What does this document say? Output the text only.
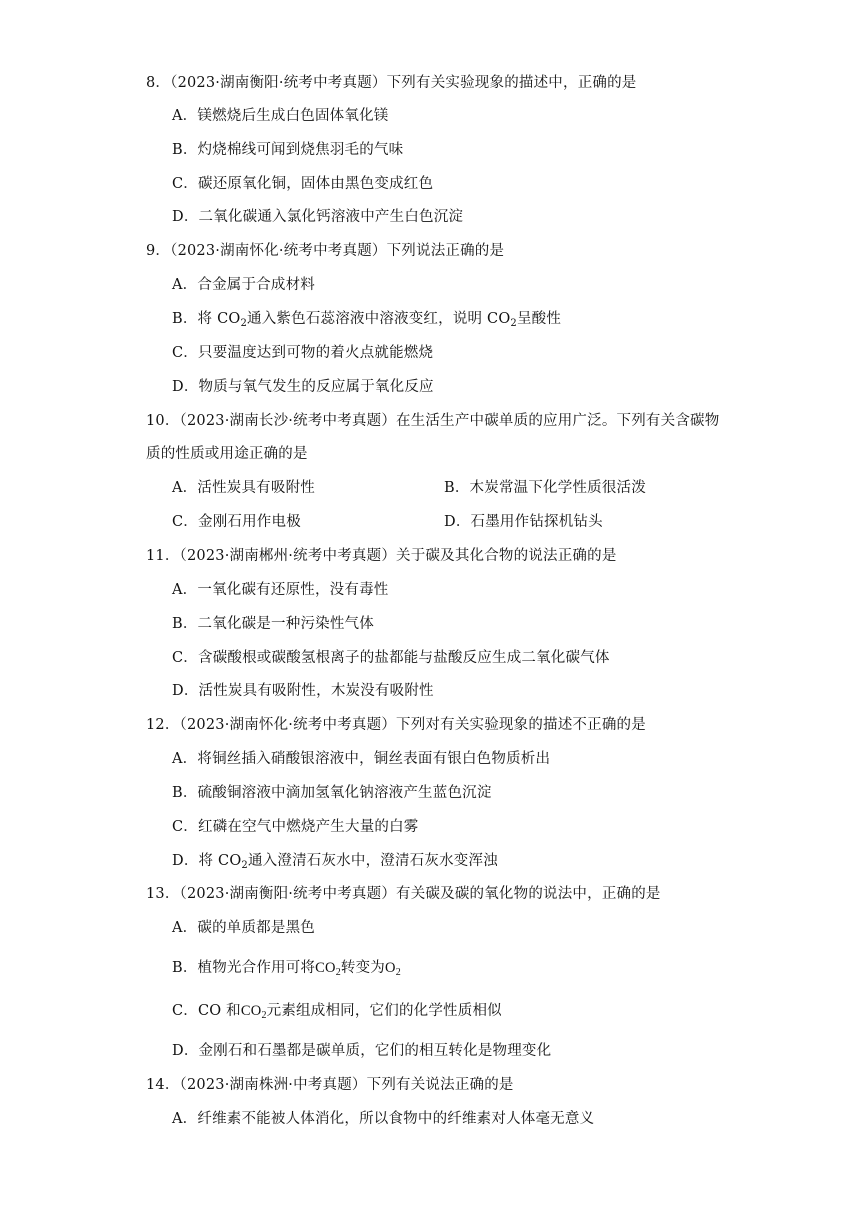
8．（2023·湖南衡阳·统考中考真题）下列有关实验现象的描述中，正确的是
A．镁燃烧后生成白色固体氧化镁
B．灼烧棉线可闻到烧焦羽毛的气味
C．碳还原氧化铜，固体由黑色变成红色
D．二氧化碳通入氯化钙溶液中产生白色沉淀
9．（2023·湖南怀化·统考中考真题）下列说法正确的是
A．合金属于合成材料
B．将 $CO_2$通入紫色石蕊溶液中溶液变红，说明 $CO_2$呈酸性
C．只要温度达到可物的着火点就能燃烧
D．物质与氧气发生的反应属于氧化反应
10．（2023·湖南长沙·统考中考真题）在生活生产中碳单质的应用广泛。下列有关含碳物
质的性质或用途正确的是
A．活性炭具有吸附性	B．木炭常温下化学性质很活泼
C．金刚石用作电极	D．石墨用作钻探机钻头
11．（2023·湖南郴州·统考中考真题）关于碳及其化合物的说法正确的是
A．一氧化碳有还原性，没有毒性
B．二氧化碳是一种污染性气体
C．含碳酸根或碳酸氢根离子的盐都能与盐酸反应生成二氧化碳气体
D．活性炭具有吸附性，木炭没有吸附性
12．（2023·湖南怀化·统考中考真题）下列对有关实验现象的描述不正确的是
A．将铜丝插入硝酸银溶液中，铜丝表面有银白色物质析出
B．硫酸铜溶液中滴加氢氧化钠溶液产生蓝色沉淀
C．红磷在空气中燃烧产生大量的白雾
D．将 $CO_2$通入澄清石灰水中，澄清石灰水变浑浊
13．（2023·湖南衡阳·统考中考真题）有关碳及碳的氧化物的说法中，正确的是
A．碳的单质都是黑色
B．植物光合作用可将$CO_2$转变为$O_2$
C．CO 和$CO_2$元素组成相同，它们的化学性质相似
D．金刚石和石墨都是碳单质，它们的相互转化是物理变化
14．（2023·湖南株洲·中考真题）下列有关说法正确的是
A．纤维素不能被人体消化，所以食物中的纤维素对人体毫无意义
